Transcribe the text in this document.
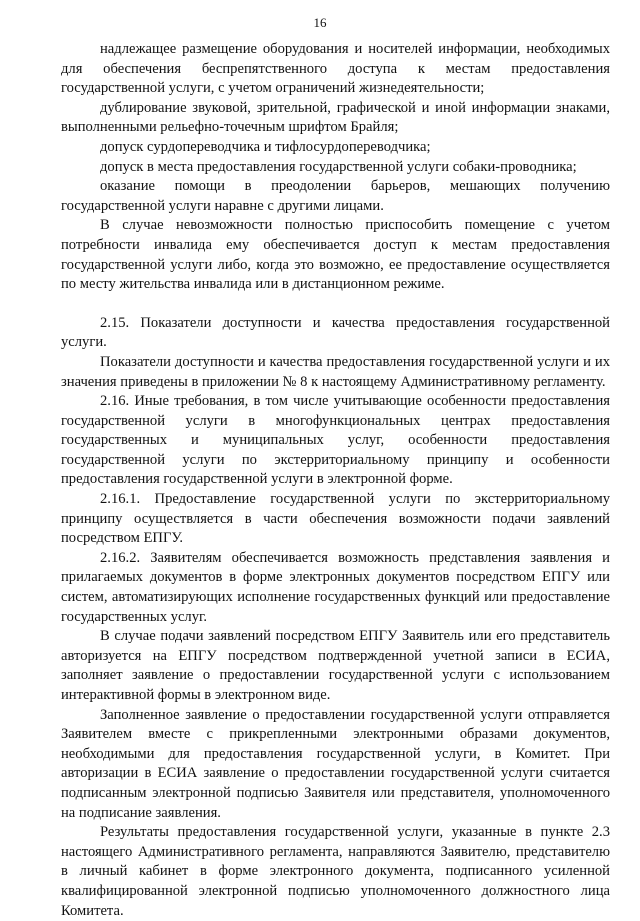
16

надлежащее размещение оборудования и носителей информации, необходимых для обеспечения беспрепятственного доступа к местам предоставления государственной услуги, с учетом ограничений жизнедеятельности;

дублирование звуковой, зрительной, графической и иной информации знаками, выполненными рельефно-точечным шрифтом Брайля;

допуск сурдопереводчика и тифлосурдопереводчика;

допуск в места предоставления государственной услуги собаки-проводника;

оказание помощи в преодолении барьеров, мешающих получению государственной услуги наравне с другими лицами.

В случае невозможности полностью приспособить помещение с учетом потребности инвалида ему обеспечивается доступ к местам предоставления государственной услуги либо, когда это возможно, ее предоставление осуществляется по месту жительства инвалида или в дистанционном режиме.

2.15. Показатели доступности и качества предоставления государственной услуги.

Показатели доступности и качества предоставления государственной услуги и их значения приведены в приложении № 8 к настоящему Административному регламенту.

2.16. Иные требования, в том числе учитывающие особенности предоставления государственной услуги в многофункциональных центрах предоставления государственных и муниципальных услуг, особенности предоставления государственной услуги по экстерриториальному принципу и особенности предоставления государственной услуги в электронной форме.

2.16.1. Предоставление государственной услуги по экстерриториальному принципу осуществляется в части обеспечения возможности подачи заявлений посредством ЕПГУ.

2.16.2. Заявителям обеспечивается возможность представления заявления и прилагаемых документов в форме электронных документов посредством ЕПГУ или систем, автоматизирующих исполнение государственных функций или предоставление государственных услуг.

В случае подачи заявлений посредством ЕПГУ Заявитель или его представитель авторизуется на ЕПГУ посредством подтвержденной учетной записи в ЕСИА, заполняет заявление о предоставлении государственной услуги с использованием интерактивной формы в электронном виде.

Заполненное заявление о предоставлении государственной услуги отправляется Заявителем вместе с прикрепленными электронными образами документов, необходимыми для предоставления государственной услуги, в Комитет. При авторизации в ЕСИА заявление о предоставлении государственной услуги считается подписанным электронной подписью Заявителя или представителя, уполномоченного на подписание заявления.

Результаты предоставления государственной услуги, указанные в пункте 2.3 настоящего Административного регламента, направляются Заявителю, представителю в личный кабинет в форме электронного документа, подписанного усиленной квалифицированной электронной подписью уполномоченного должностного лица Комитета.
